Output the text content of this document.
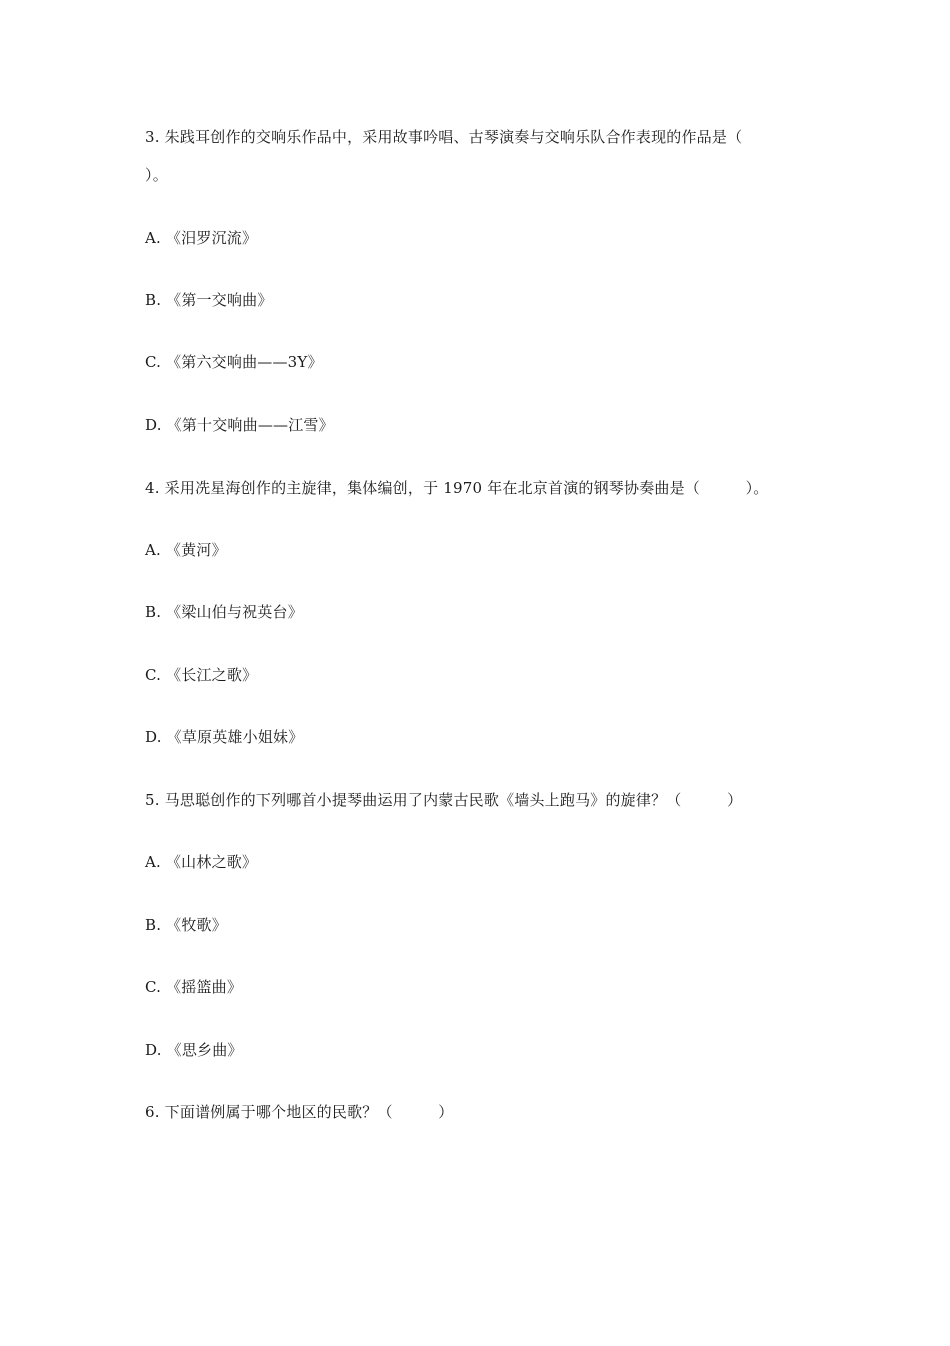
3. 朱践耳创作的交响乐作品中，采用故事吟唱、古琴演奏与交响乐队合作表现的作品是（
）。
A. 《汨罗沉流》
B. 《第一交响曲》
C. 《第六交响曲——3Y》
D. 《第十交响曲——江雪》
4. 采用冼星海创作的主旋律，集体编创，于 1970 年在北京首演的钢琴协奏曲是（　　　）。
A. 《黄河》
B. 《梁山伯与祝英台》
C. 《长江之歌》
D. 《草原英雄小姐妹》
5. 马思聪创作的下列哪首小提琴曲运用了内蒙古民歌《墙头上跑马》的旋律？（　　　）
A. 《山林之歌》
B. 《牧歌》
C. 《摇篮曲》
D. 《思乡曲》
6. 下面谱例属于哪个地区的民歌？（　　　）
